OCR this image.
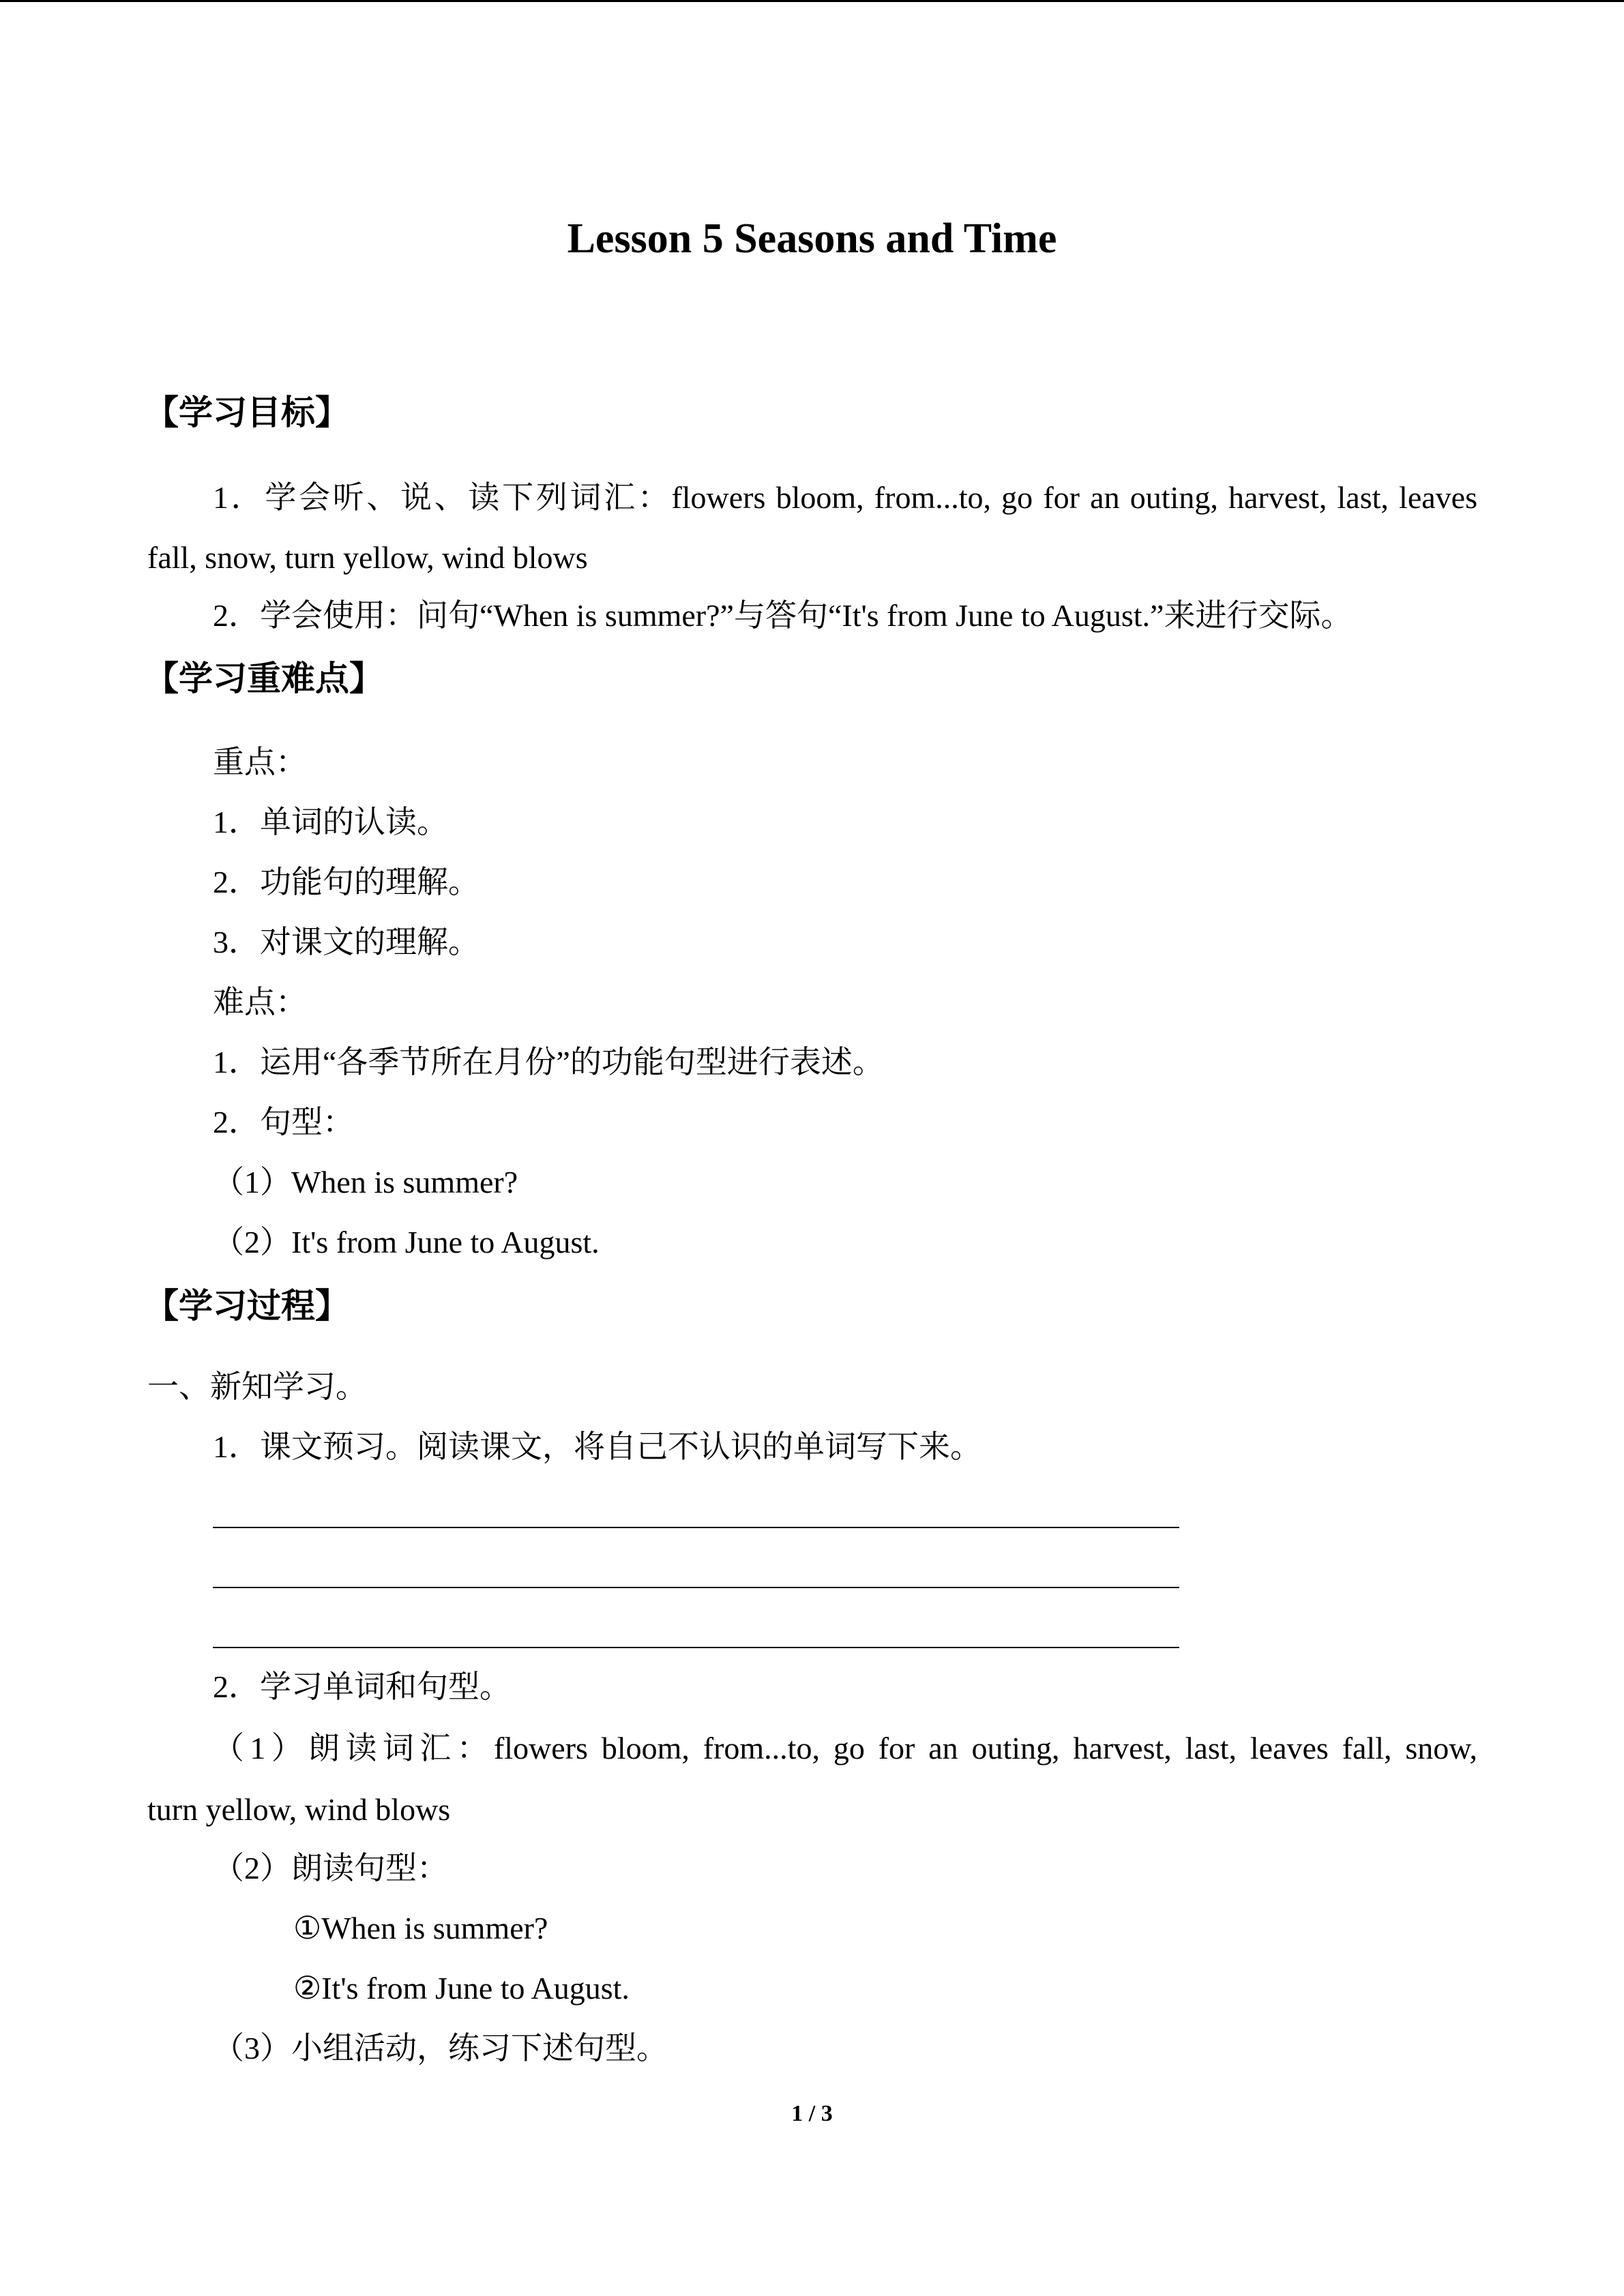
Lesson 5 Seasons and Time
【学习目标】
1．学会听、说、读下列词汇：flowers bloom, from...to, go for an outing, harvest, last, leaves
fall, snow, turn yellow, wind blows
2．学会使用：问句“When is summer?”与答句“It's from June to August.”来进行交际。
【学习重难点】
重点：
1．单词的认读。
2．功能句的理解。
3．对课文的理解。
难点：
1．运用“各季节所在月份”的功能句型进行表述。
2．句型：
（1）When is summer?
（2）It's from June to August.
【学习过程】
一、新知学习。
1．课文预习。阅读课文，将自己不认识的单词写下来。
2．学习单词和句型。
（1）朗读词汇：flowers bloom, from...to, go for an outing, harvest, last, leaves fall, snow,
turn yellow, wind blows
（2）朗读句型：
①When is summer?
②It's from June to August.
（3）小组活动，练习下述句型。
1 / 3
